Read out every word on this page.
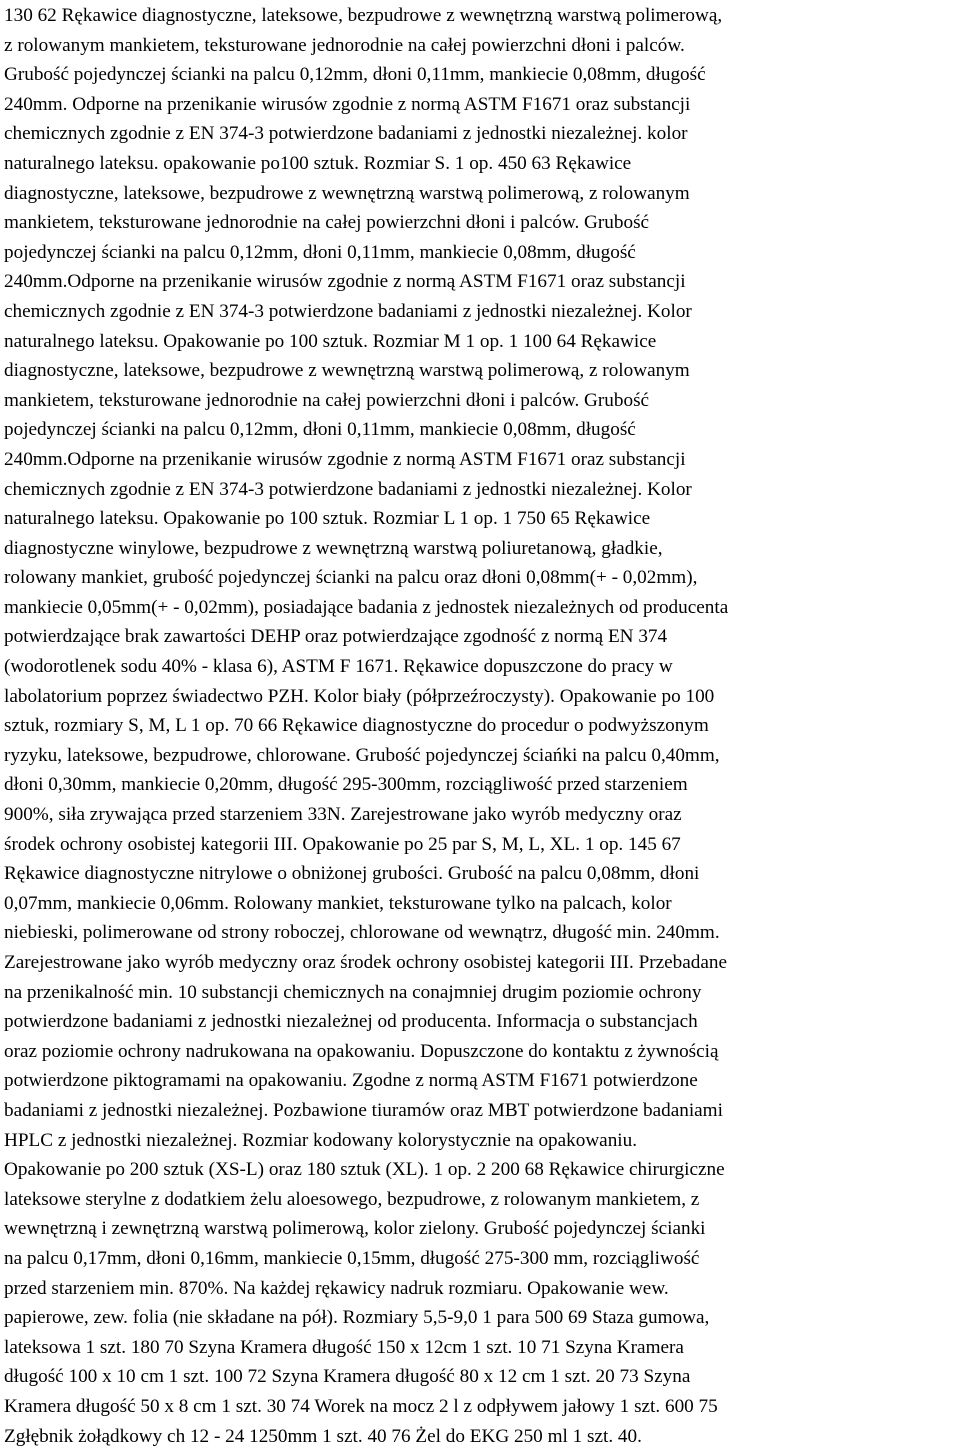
130 62 Rękawice diagnostyczne, lateksowe, bezpudrowe z wewnętrzną warstwą polimerową,
z rolowanym mankietem, teksturowane jednorodnie na całej powierzchni dłoni i palców.
Grubość pojedynczej ścianki na palcu 0,12mm, dłoni 0,11mm, mankiecie 0,08mm, długość
240mm. Odporne na przenikanie wirusów zgodnie z normą ASTM F1671 oraz substancji
chemicznych zgodnie z EN 374-3 potwierdzone badaniami z jednostki niezależnej. kolor
naturalnego lateksu. opakowanie po100 sztuk. Rozmiar S. 1 op. 450 63 Rękawice
diagnostyczne, lateksowe, bezpudrowe z wewnętrzną warstwą polimerową, z rolowanym
mankietem, teksturowane jednorodnie na całej powierzchni dłoni i palców. Grubość
pojedynczej ścianki na palcu 0,12mm, dłoni 0,11mm, mankiecie 0,08mm, długość
240mm.Odporne na przenikanie wirusów zgodnie z normą ASTM F1671 oraz substancji
chemicznych zgodnie z EN 374-3 potwierdzone badaniami z jednostki niezależnej. Kolor
naturalnego lateksu. Opakowanie po 100 sztuk. Rozmiar M 1 op. 1 100 64 Rękawice
diagnostyczne, lateksowe, bezpudrowe z wewnętrzną warstwą polimerową, z rolowanym
mankietem, teksturowane jednorodnie na całej powierzchni dłoni i palców. Grubość
pojedynczej ścianki na palcu 0,12mm, dłoni 0,11mm, mankiecie 0,08mm, długość
240mm.Odporne na przenikanie wirusów zgodnie z normą ASTM F1671 oraz substancji
chemicznych zgodnie z EN 374-3 potwierdzone badaniami z jednostki niezależnej. Kolor
naturalnego lateksu. Opakowanie po 100 sztuk. Rozmiar L 1 op. 1 750 65 Rękawice
diagnostyczne winylowe, bezpudrowe z wewnętrzną warstwą poliuretanową, gładkie,
rolowany mankiet, grubość pojedynczej ścianki na palcu oraz dłoni 0,08mm(+ - 0,02mm),
mankiecie 0,05mm(+ - 0,02mm), posiadające badania z jednostek niezależnych od producenta
potwierdzające brak zawartości DEHP oraz potwierdzające zgodność z normą EN 374
(wodorotlenek sodu 40% - klasa 6), ASTM F 1671. Rękawice dopuszczone do pracy w
labolatorium poprzez świadectwo PZH. Kolor biały (półprzeźroczysty). Opakowanie po 100
sztuk, rozmiary S, M, L 1 op. 70 66 Rękawice diagnostyczne do procedur o podwyższonym
ryzyku, lateksowe, bezpudrowe, chlorowane. Grubość pojedynczej ściańki na palcu 0,40mm,
dłoni 0,30mm, mankiecie 0,20mm, długość 295-300mm, rozciągliwość przed starzeniem
900%, siła zrywająca przed starzeniem 33N. Zarejestrowane jako wyrób medyczny oraz
środek ochrony osobistej kategorii III. Opakowanie po 25 par S, M, L, XL. 1 op. 145 67
Rękawice diagnostyczne nitrylowe o obniżonej grubości. Grubość na palcu 0,08mm, dłoni
0,07mm, mankiecie 0,06mm. Rolowany mankiet, teksturowane tylko na palcach, kolor
niebieski, polimerowane od strony roboczej, chlorowane od wewnątrz, długość min. 240mm.
Zarejestrowane jako wyrób medyczny oraz środek ochrony osobistej kategorii III. Przebadane
na przenikalność min. 10 substancji chemicznych na conajmniej drugim poziomie ochrony
potwierdzone badaniami z jednostki niezależnej od producenta. Informacja o substancjach
oraz poziomie ochrony nadrukowana na opakowaniu. Dopuszczone do kontaktu z żywnością
potwierdzone piktogramami na opakowaniu. Zgodne z normą ASTM F1671 potwierdzone
badaniami z jednostki niezależnej. Pozbawione tiuramów oraz MBT potwierdzone badaniami
HPLC z jednostki niezależnej. Rozmiar kodowany kolorystycznie na opakowaniu.
Opakowanie po 200 sztuk (XS-L) oraz 180 sztuk (XL). 1 op. 2 200 68 Rękawice chirurgiczne
lateksowe sterylne z dodatkiem żelu aloesowego, bezpudrowe, z rolowanym mankietem, z
wewnętrzną i zewnętrzną warstwą polimerową, kolor zielony. Grubość pojedynczej ścianki
na palcu 0,17mm, dłoni 0,16mm, mankiecie 0,15mm, długość 275-300 mm, rozciągliwość
przed starzeniem min. 870%. Na każdej rękawicy nadruk rozmiaru. Opakowanie wew.
papierowe, zew. folia (nie składane na pół). Rozmiary 5,5-9,0 1 para 500 69 Staza gumowa,
lateksowa 1 szt. 180 70 Szyna Kramera długość 150 x 12cm 1 szt. 10 71 Szyna Kramera
długość 100 x 10 cm 1 szt. 100 72 Szyna Kramera długość 80 x 12 cm 1 szt. 20 73 Szyna
Kramera długość 50 x 8 cm 1 szt. 30 74 Worek na mocz 2 l z odpływem jałowy 1 szt. 600 75
Zgłębnik żołądkowy ch 12 - 24 1250mm 1 szt. 40 76 Żel do EKG 250 ml 1 szt. 40.
